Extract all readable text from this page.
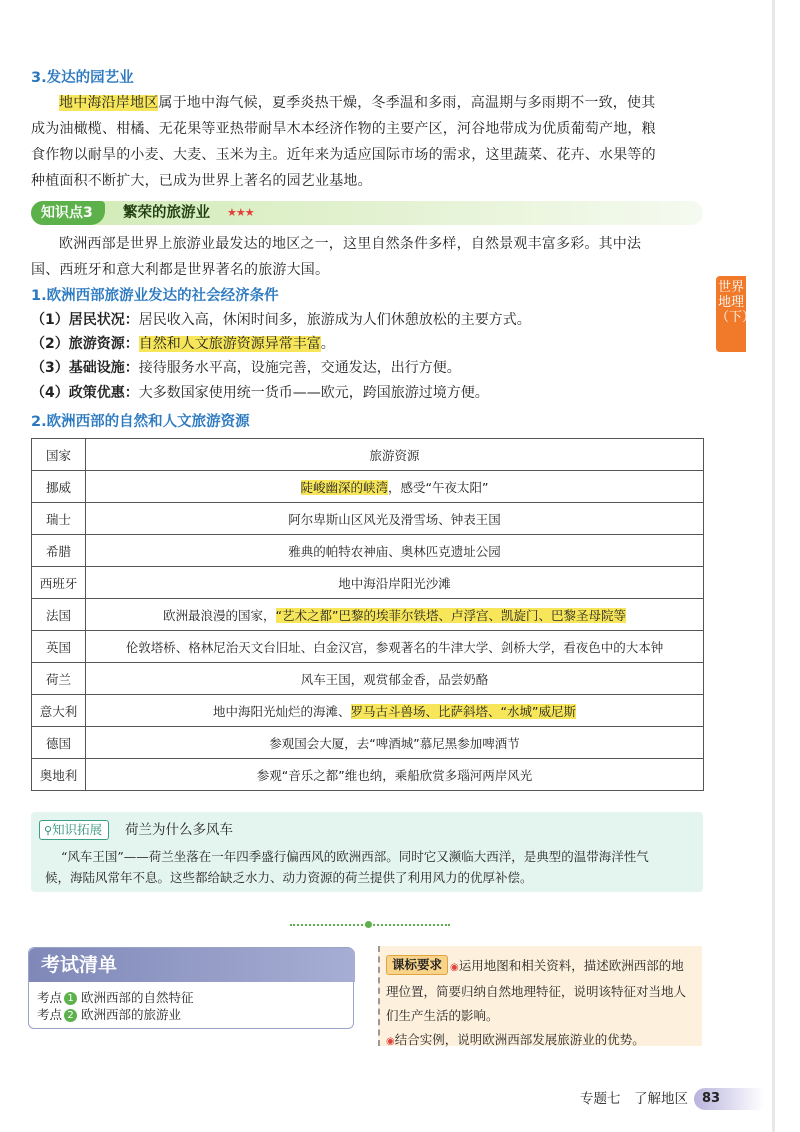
3.发达的园艺业
地中海沿岸地区属于地中海气候，夏季炎热干燥，冬季温和多雨，高温期与多雨期不一致，使其
成为油橄榄、柑橘、无花果等亚热带耐旱木本经济作物的主要产区，河谷地带成为优质葡萄产地，粮
食作物以耐旱的小麦、大麦、玉米为主。近年来为适应国际市场的需求，这里蔬菜、花卉、水果等的
种植面积不断扩大，已成为世界上著名的园艺业基地。
知识点3	繁荣的旅游业 ★★★
欧洲西部是世界上旅游业最发达的地区之一，这里自然条件多样，自然景观丰富多彩。其中法
国、西班牙和意大利都是世界著名的旅游大国。
1.欧洲西部旅游业发达的社会经济条件
（1）居民状况：居民收入高，休闲时间多，旅游成为人们休憩放松的主要方式。
（2）旅游资源：自然和人文旅游资源异常丰富。
（3）基础设施：接待服务水平高，设施完善，交通发达，出行方便。
（4）政策优惠：大多数国家使用统一货币——欧元，跨国旅游过境方便。
2.欧洲西部的自然和人文旅游资源
国家	旅游资源
挪威	陡峻幽深的峡湾，感受“午夜太阳”
瑞士	阿尔卑斯山区风光及滑雪场、钟表王国
希腊	雅典的帕特农神庙、奥林匹克遗址公园
西班牙	地中海沿岸阳光沙滩
法国	欧洲最浪漫的国家，“艺术之都”巴黎的埃菲尔铁塔、卢浮宫、凯旋门、巴黎圣母院等
英国	伦敦塔桥、格林尼治天文台旧址、白金汉宫，参观著名的牛津大学、剑桥大学，看夜色中的大本钟
荷兰	风车王国，观赏郁金香，品尝奶酪
意大利	地中海阳光灿烂的海滩、罗马古斗兽场、比萨斜塔、“水城”威尼斯
德国	参观国会大厦，去“啤酒城”慕尼黑参加啤酒节
奥地利	参观“音乐之都”维也纳，乘船欣赏多瑙河两岸风光
⚲知识拓展	荷兰为什么多风车
“风车王国”——荷兰坐落在一年四季盛行偏西风的欧洲西部。同时它又濒临大西洋，是典型的温带海洋性气
候，海陆风常年不息。这些都给缺乏水力、动力资源的荷兰提供了利用风力的优厚补偿。
考试清单
考点 1 欧洲西部的自然特征
考点 2 欧洲西部的旅游业
课标要求 ◉运用地图和相关资料，描述欧洲西部的地
理位置，简要归纳自然地理特征，说明该特征对当地人
们生产生活的影响。
◉结合实例，说明欧洲西部发展旅游业的优势。
世界地理（下）
专题七　了解地区	83
